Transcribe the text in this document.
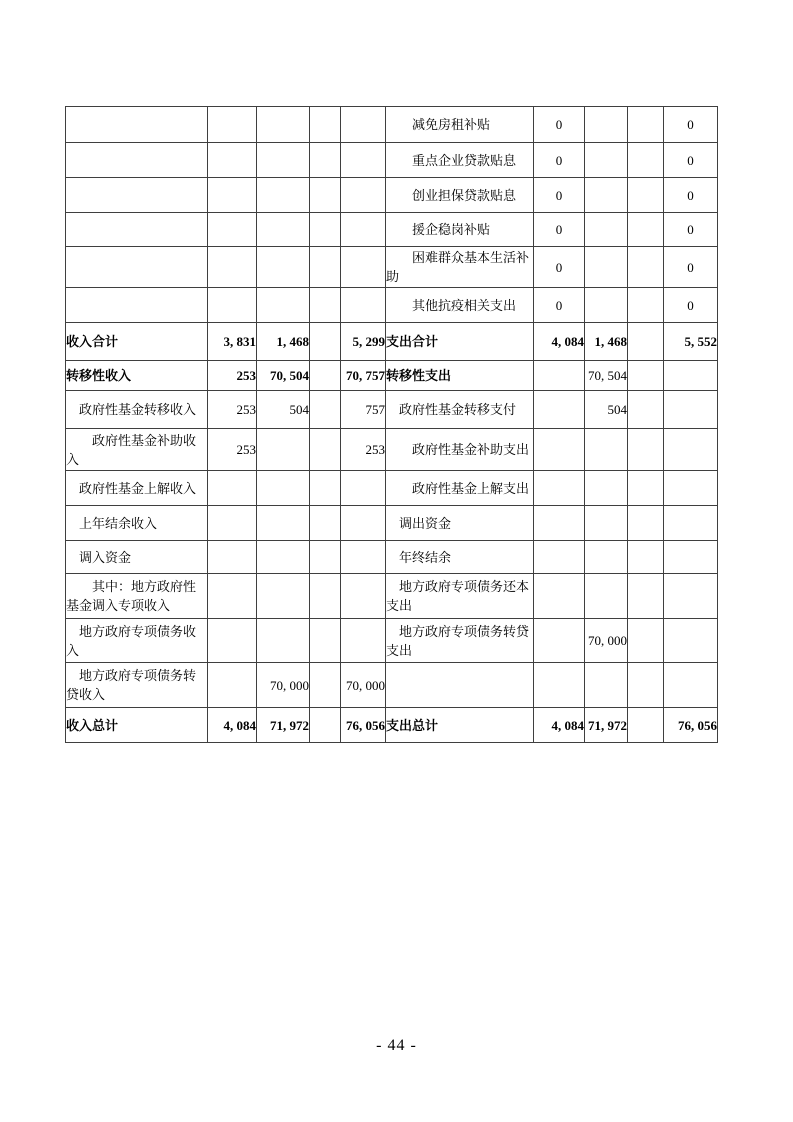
					减免房租补贴	0			0
					重点企业贷款贴息	0			0
					创业担保贷款贴息	0			0
					援企稳岗补贴	0			0
					困难群众基本生活补助	0			0
					其他抗疫相关支出	0			0
收入合计	3, 831	1, 468		5, 299	支出合计	4, 084	1, 468		5, 552
转移性收入	253	70, 504		70, 757	转移性支出		70, 504		
政府性基金转移收入	253	504		757	政府性基金转移支付		504		
政府性基金补助收入	253			253	政府性基金补助支出				
政府性基金上解收入					政府性基金上解支出				
上年结余收入					调出资金				
调入资金					年终结余				
其中：地方政府性基金调入专项收入					地方政府专项债务还本支出				
地方政府专项债务收入					地方政府专项债务转贷支出		70, 000		
地方政府专项债务转贷收入		70, 000		70, 000					
收入总计	4, 084	71, 972		76, 056	支出总计	4, 084	71, 972		76, 056
- 44 -
